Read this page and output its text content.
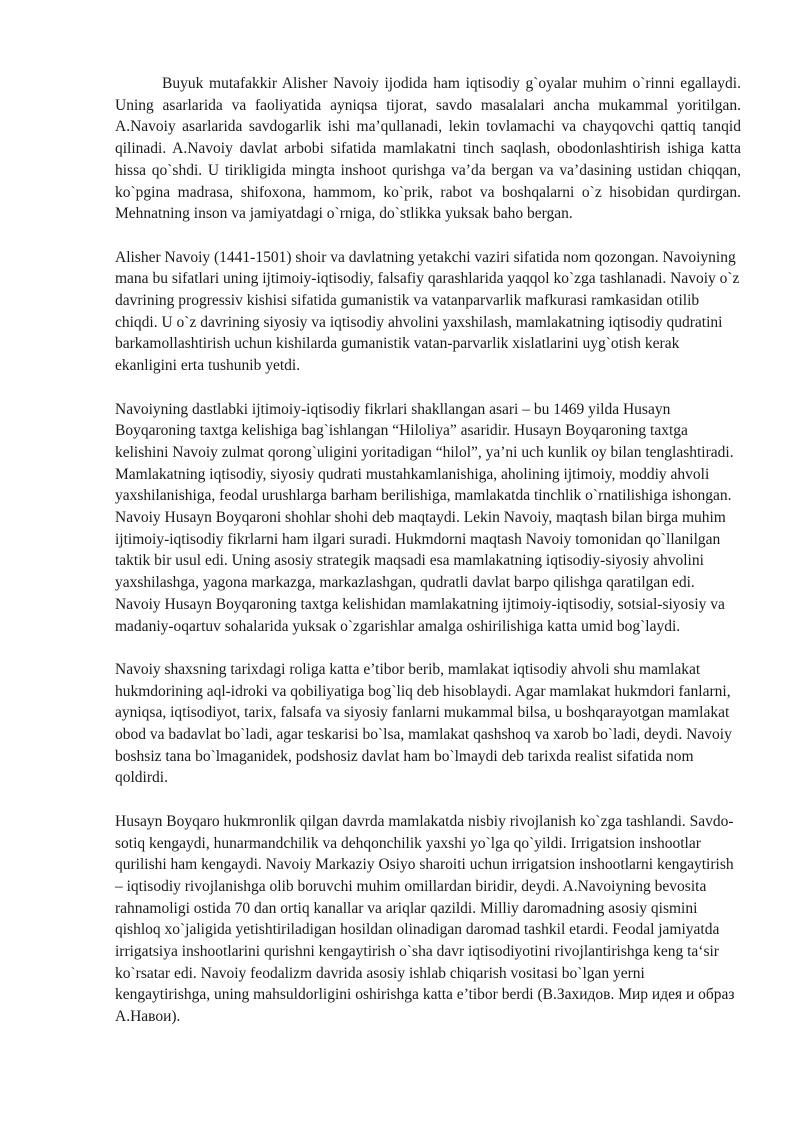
Buyuk mutafakkir Alisher Navoiy ijodida ham iqtisodiy g`oyalar muhim o`rinni egallaydi. Uning asarlarida va faoliyatida ayniqsa tijorat, savdo masalalari ancha mukammal yoritilgan. A.Navoiy asarlarida savdogarlik ishi ma’qullanadi, lekin tovlamachi va chayqovchi qattiq tanqid qilinadi. A.Navoiy davlat arbobi sifatida mamlakatni tinch saqlash, obodonlashtirish ishiga katta hissa qo`shdi. U tirikligida mingta inshoot qurishga va’da bergan va va’dasining ustidan chiqqan, ko`pgina madrasa, shifoxona, hammom, ko`prik, rabot va boshqalarni o`z hisobidan qurdirgan. Mehnatning inson va jamiyatdagi o`rniga, do`stlikka yuksak baho bergan.

Alisher Navoiy (1441-1501) shoir va davlatning yetakchi vaziri sifatida nom qozongan. Navoiyning mana bu sifatlari uning ijtimoiy-iqtisodiy, falsafiy qarashlarida yaqqol ko`zga tashlanadi. Navoiy o`z davrining progressiv kishisi sifatida gumanistik va vatanparvarlik mafkurasi ramkasidan otilib chiqdi. U o`z davrining siyosiy va iqtisodiy ahvolini yaxshilash, mamlakatning iqtisodiy qudratini barkamollashtirish uchun kishilarda gumanistik vatan-parvarlik xislatlarini uyg`otish kerak ekanligini erta tushunib yetdi.

Navoiyning dastlabki ijtimoiy-iqtisodiy fikrlari shakllangan asari – bu 1469 yilda Husayn Boyqaroning taxtga kelishiga bag`ishlangan “Hiloliya” asaridir. Husayn Boyqaroning taxtga kelishini Navoiy zulmat qorong`uligini yoritadigan “hilol”, ya’ni uch kunlik oy bilan tenglashtiradi. Mamlakatning iqtisodiy, siyosiy qudrati mustahkamlanishiga, aholining ijtimoiy, moddiy ahvoli yaxshilanishiga, feodal urushlarga barham berilishiga, mamlakatda tinchlik o`rnatilishiga ishongan. Navoiy Husayn Boyqaroni shohlar shohi deb maqtaydi. Lekin Navoiy, maqtash bilan birga muhim ijtimoiy-iqtisodiy fikrlarni ham ilgari suradi. Hukmdorni maqtash Navoiy tomonidan qo`llanilgan taktik bir usul edi. Uning asosiy strategik maqsadi esa mamlakatning iqtisodiy-siyosiy ahvolini yaxshilashga, yagona markazga, markazlashgan, qudratli davlat barpo qilishga qaratilgan edi. Navoiy Husayn Boyqaroning taxtga kelishidan mamlakatning ijtimoiy-iqtisodiy, sotsial-siyosiy va madaniy-oqartuv sohalarida yuksak o`zgarishlar amalga oshirilishiga katta umid bog`laydi.

Navoiy shaxsning tarixdagi roliga katta e’tibor berib, mamlakat iqtisodiy ahvoli shu mamlakat hukmdorining aql-idroki va qobiliyatiga bog`liq deb hisoblaydi. Agar mamlakat hukmdori fanlarni, ayniqsa, iqtisodiyot, tarix, falsafa va siyosiy fanlarni mukammal bilsa, u boshqarayotgan mamlakat obod va badavlat bo`ladi, agar teskarisi bo`lsa, mamlakat qashshoq va xarob bo`ladi, deydi. Navoiy boshsiz tana bo`lmaganidek, podshosiz davlat ham bo`lmaydi deb tarixda realist sifatida nom qoldirdi.

Husayn Boyqaro hukmronlik qilgan davrda mamlakatda nisbiy rivojlanish ko`zga tashlandi. Savdo-sotiq kengaydi, hunarmandchilik va dehqonchilik yaxshi yo`lga qo`yildi. Irrigatsion inshootlar qurilishi ham kengaydi. Navoiy Markaziy Osiyo sharoiti uchun irrigatsion inshootlarni kengaytirish – iqtisodiy rivojlanishga olib boruvchi muhim omillardan biridir, deydi. A.Navoiyning bevosita rahnamoligi ostida 70 dan ortiq kanallar va ariqlar qazildi. Milliy daromadning asosiy qismini qishloq xo`jaligida yetishtiriladigan hosildan olinadigan daromad tashkil etardi. Feodal jamiyatda irrigatsiya inshootlarini qurishni kengaytirish o`sha davr iqtisodiyotini rivojlantirishga keng ta‘sir ko`rsatar edi. Navoiy feodalizm davrida asosiy ishlab chiqarish vositasi bo`lgan yerni kengaytirishga, uning mahsuldorligini oshirishga katta e’tibor berdi (В.Захидов. Мир идея и образ А.Навои).
